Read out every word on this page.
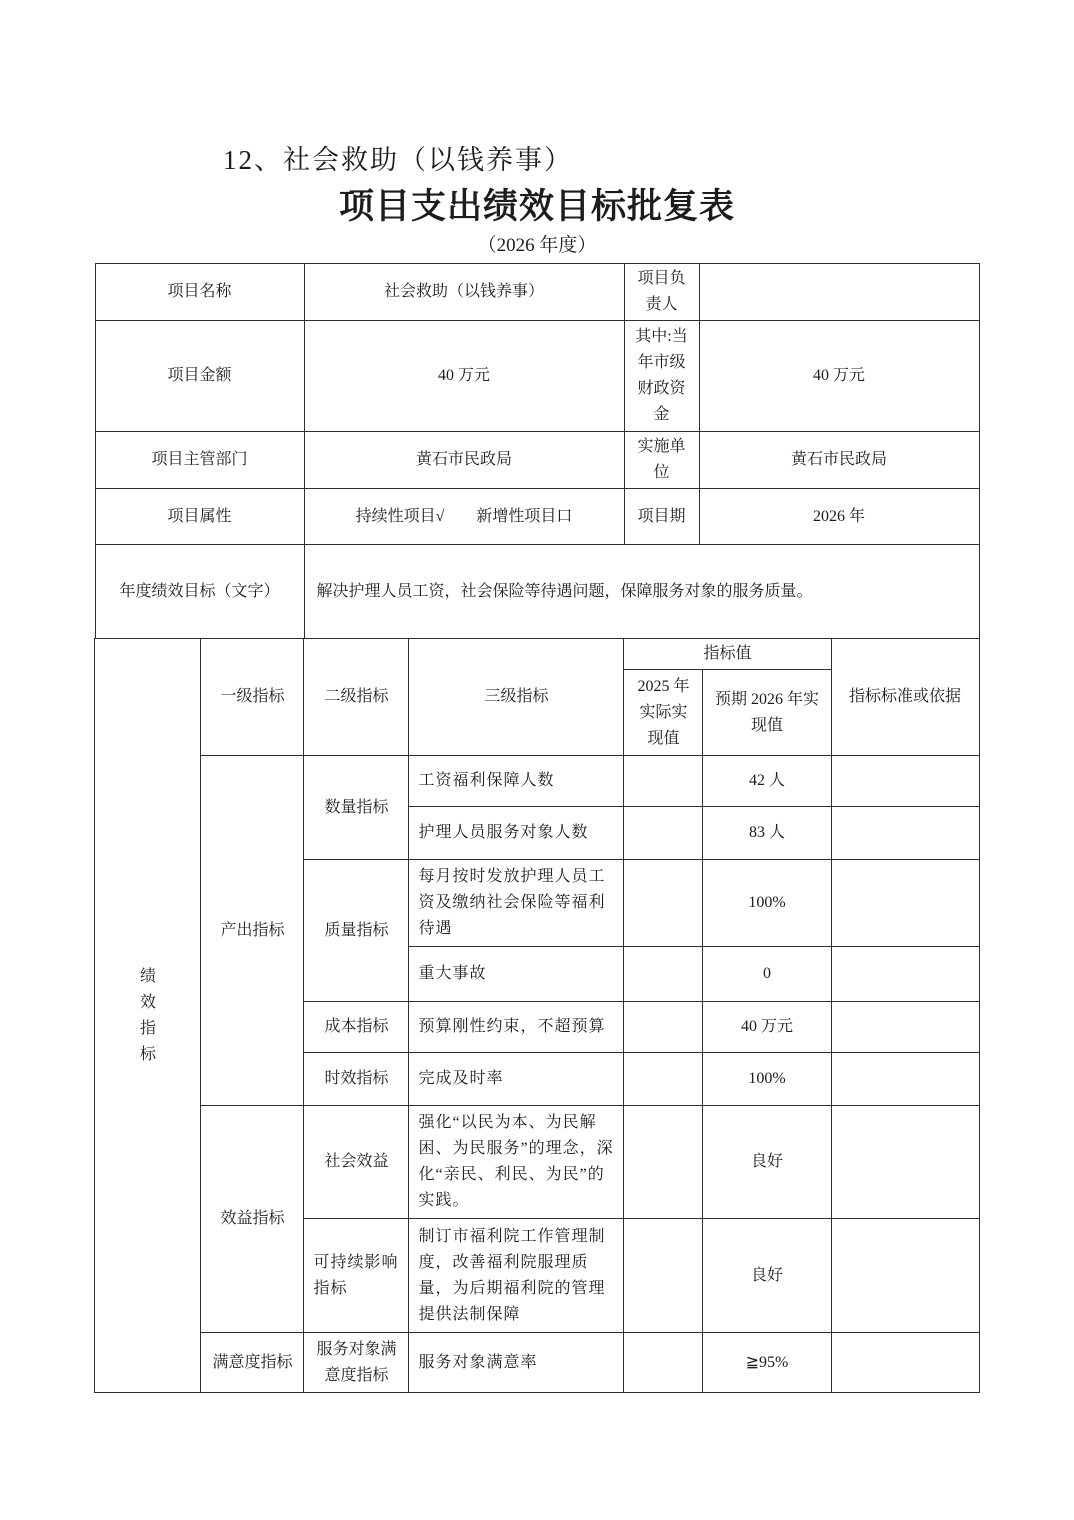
12、社会救助（以钱养事）
项目支出绩效目标批复表
（2026 年度）
项目名称	社会救助（以钱养事）	项目负责人	
项目金额	40 万元	其中:当年市级财政资金	40 万元
项目主管部门	黄石市民政局	实施单位	黄石市民政局
项目属性	持续性项目√　　新增性项目口	项目期	2026 年
年度绩效目标（文字）	解决护理人员工资，社会保险等待遇问题，保障服务对象的服务质量。		
绩效指标	一级指标	二级指标	三级指标	指标值		指标标准或依据
				2025 年实际实现值	预期 2026 年实现值	
	产出指标	数量指标	工资福利保障人数		42 人	
			护理人员服务对象人数		83 人	
		质量指标	每月按时发放护理人员工资及缴纳社会保险等福利待遇		100%	
			重大事故		0	
		成本指标	预算刚性约束，不超预算		40 万元	
		时效指标	完成及时率		100%	
	效益指标	社会效益	强化“以民为本、为民解困、为民服务”的理念，深化“亲民、利民、为民”的实践。		良好	
		可持续影响指标	制订市福利院工作管理制度，改善福利院服理质量，为后期福利院的管理提供法制保障		良好	
	满意度指标	服务对象满意度指标	服务对象满意率		≧95%	
